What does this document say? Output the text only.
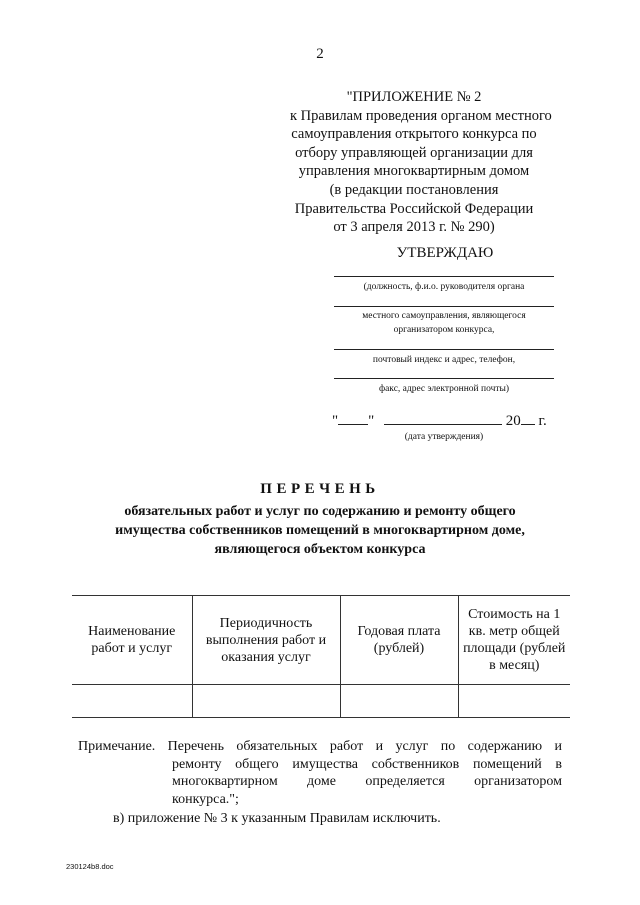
2
"ПРИЛОЖЕНИЕ № 2
к Правилам проведения органом местного
самоуправления открытого конкурса по
отбору управляющей организации для
управления многоквартирным домом
(в редакции постановления
Правительства Российской Федерации
от 3 апреля 2013 г. № 290)
УТВЕРЖДАЮ
(должность, ф.и.о. руководителя органа
местного самоуправления, являющегося
организатором конкурса,
почтовый индекс и адрес, телефон,
факс, адрес электронной почты)
" "	20 г.
(дата утверждения)
ПЕРЕЧЕНЬ
обязательных работ и услуг по содержанию и ремонту общего
имущества собственников помещений в многоквартирном доме,
являющегося объектом конкурса
Наименование работ и услуг	Периодичность выполнения работ и оказания услуг	Годовая плата (рублей)	Стоимость на 1 кв. метр общей площади (рублей в месяц)

Примечание. Перечень обязательных работ и услуг по содержанию и
ремонту общего имущества собственников помещений в
многоквартирном доме определяется организатором
конкурса.";
в) приложение № 3 к указанным Правилам исключить.
230124b8.doc
